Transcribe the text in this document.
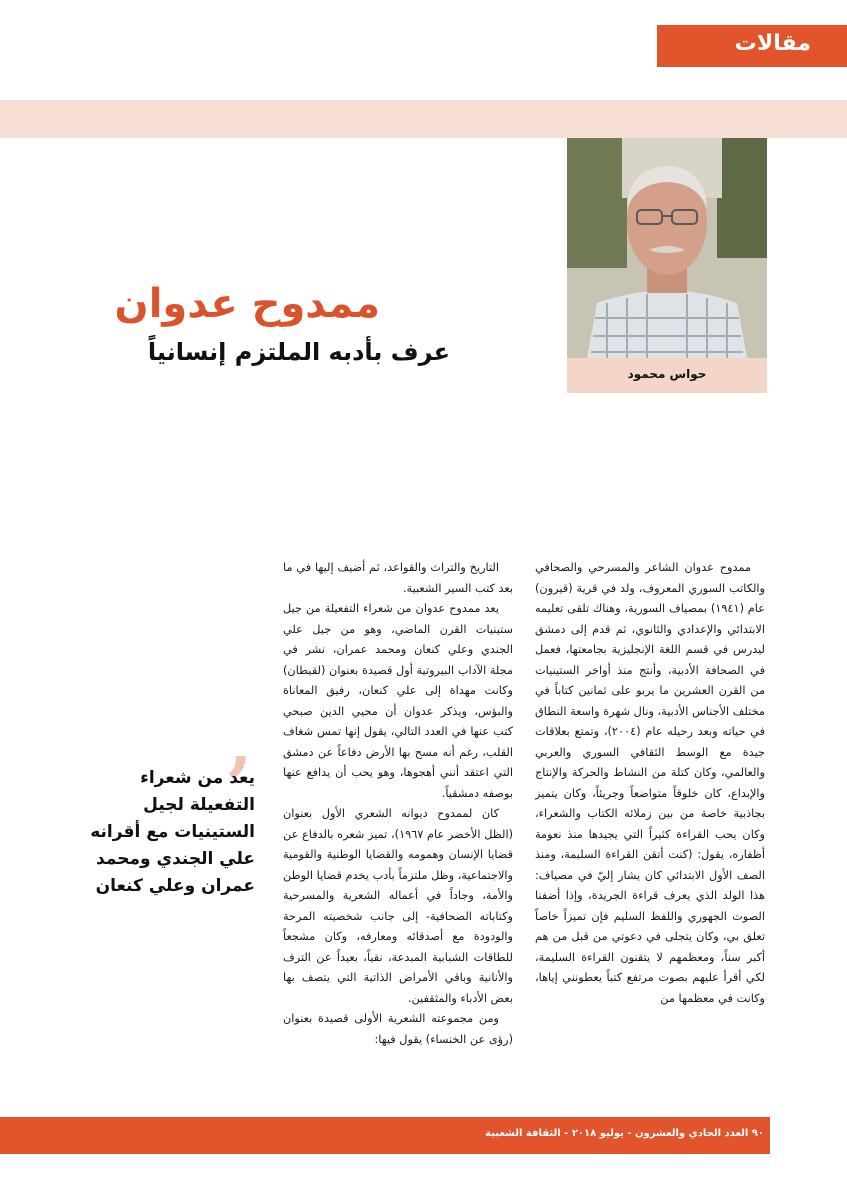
مقالات
حواس محمود
ممدوح عدوان
عرف بأدبه الملتزم إنسانياً

ممدوح عدوان الشاعر والمسرحي والصحافي والكاتب السوري المعروف، ولد في قرية (قيرون) عام (١٩٤١) بمصياف السورية، وهناك تلقى تعليمه الابتدائي والإعدادي والثانوي، ثم قدم إلى دمشق ليدرس في قسم اللغة الإنجليزية بجامعتها، فعمل في الصحافة الأدبية، وأنتج منذ أواخر الستينيات من القرن العشرين ما يربو على ثمانين كتاباً في مختلف الأجناس الأدبية، ونال شهرة واسعة النطاق في حياته وبعد رحيله عام (٢٠٠٤)، وتمتع بعلاقات جيدة مع الوسط الثقافي السوري والعربي والعالمي، وكان كتلة من النشاط والحركة والإنتاج والإبداع، كان خلوقاً متواضعاً وجريئاً، وكان يتميز بجاذبية خاصة من بين زملائه الكتاب والشعراء، وكان يحب القراءة كثيراً التي يجيدها منذ نعومة أظفاره، يقول: (كنت أتقن القراءة السليمة، ومنذ الصف الأول الابتدائي كان يشار إليّ في مصياف: هذا الولد الذي يعرف قراءة الجريدة، وإذا أضفنا الصوت الجهوري واللفظ السليم فإن تميزاً خاصاً تعلق بي، وكان يتجلى في دعوتي من قبل من هم أكبر سناً، ومعظمهم لا يتقنون القراءة السليمة، لكي أقرأ عليهم بصوت مرتفع كتباً يعطونني إياها، وكانت في معظمها من

التاريخ والتراث والقواعد، ثم أضيف إليها في ما بعد كتب السير الشعبية.

يعد ممدوح عدوان من شعراء التفعيلة من جيل ستينيات القرن الماضي، وهو من جيل علي الجندي وعلي كنعان ومحمد عمران، نشر في مجلة الآداب البيروتية أول قصيدة بعنوان (لقيطان) وكانت مهداة إلى علي كنعان، رفيق المعاناة والبؤس، ويذكر عدوان أن محيي الدين صبحي كتب عنها في العدد التالي، يقول إنها تمس شغاف القلب، رغم أنه مسح بها الأرض دفاعاً عن دمشق التي اعتقد أنني أهجوها، وهو يحب أن يدافع عنها بوصفه دمشقياً.

كان لممدوح ديوانه الشعري الأول بعنوان (الظل الأخضر عام ١٩٦٧)، تميز شعره بالدفاع عن قضايا الإنسان وهمومه والقضايا الوطنية والقومية والاجتماعية، وظل ملتزماً بأدب يخدم قضايا الوطن والأمة، وجاداً في أعماله الشعرية والمسرحية وكتاباته الصحافية- إلى جانب شخصيته المرحة والودودة مع أصدقائه ومعارفه، وكان مشجعاً للطاقات الشبابية المبدعة، نقياً، بعيداً عن الترف والأنانية وباقي الأمراض الذاتية التي يتصف بها بعض الأدباء والمثقفين.

ومن مجموعته الشعرية الأولى قصيدة بعنوان (رؤى عن الخنساء) يقول فيها:

,
يعد من شعراء التفعيلة لجيل الستينيات مع أقرانه علي الجندي ومحمد عمران وعلي كنعان
٩٠ العدد الحادي والعشرون - يوليو ٢٠١٨ - الثقافة الشعبية
